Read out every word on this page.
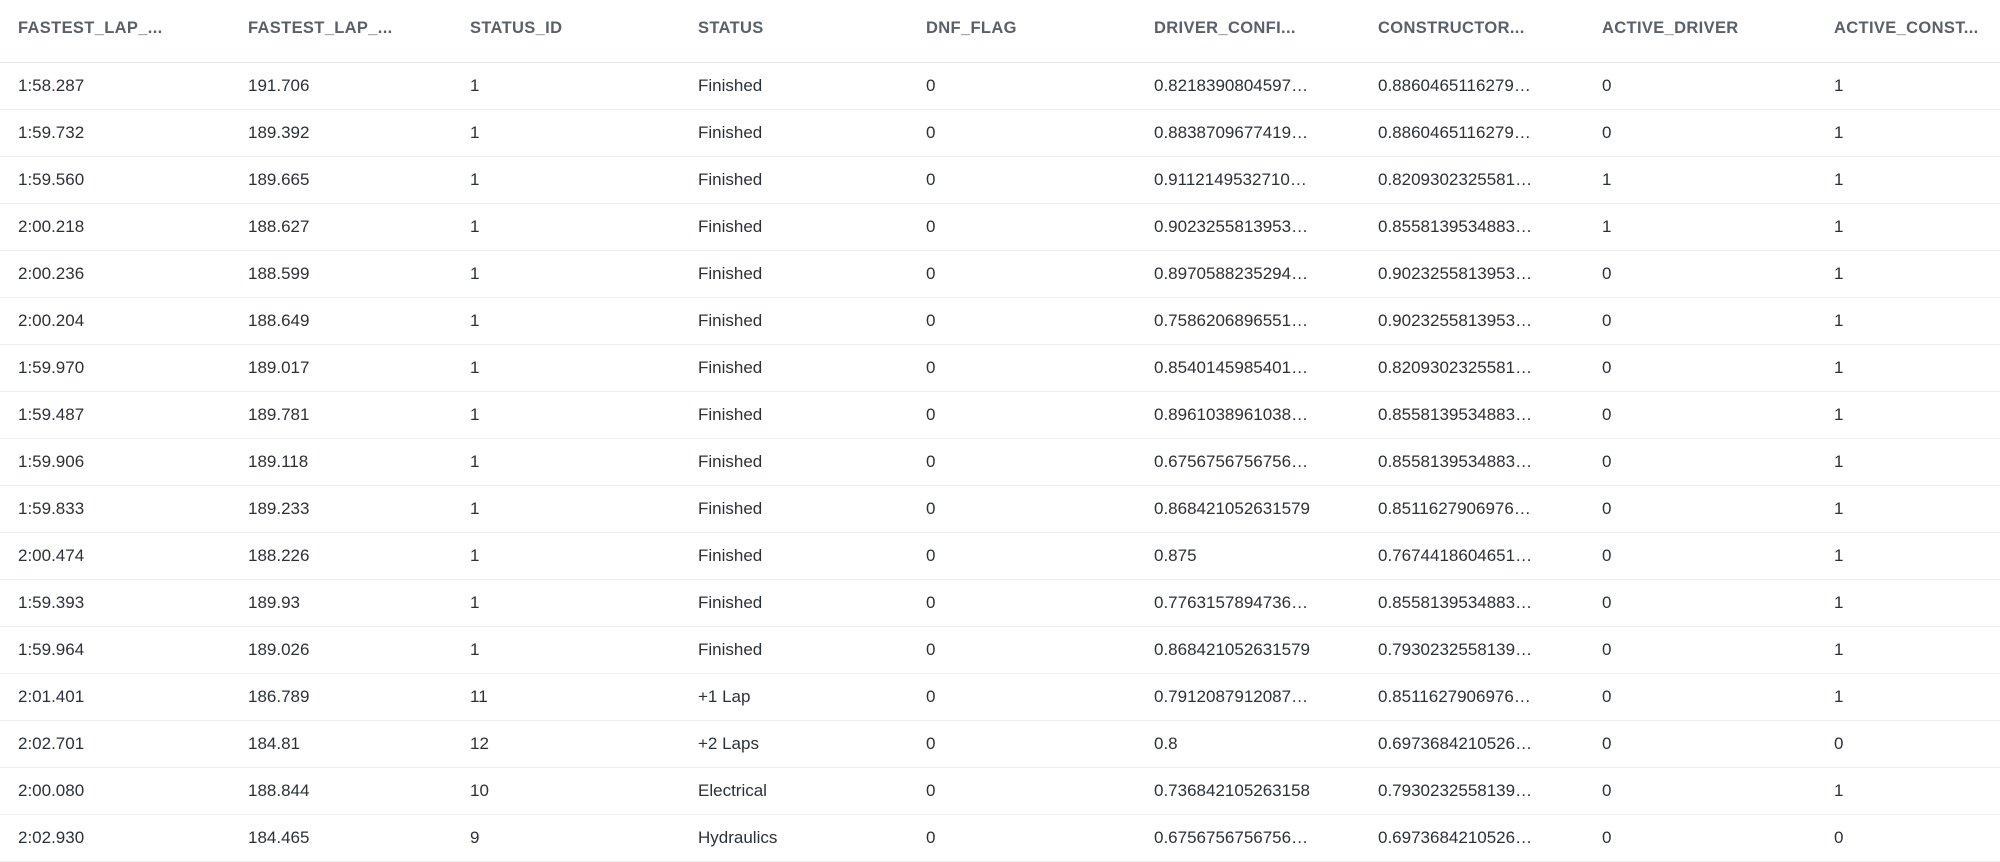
FASTEST_LAP_...	FASTEST_LAP_...	STATUS_ID	STATUS	DNF_FLAG	DRIVER_CONFI...	CONSTRUCTOR...	ACTIVE_DRIVER	ACTIVE_CONST...

1:58.287	191.706	1	Finished	0	0.8218390804597…	0.8860465116279…	0	1

1:59.732	189.392	1	Finished	0	0.8838709677419…	0.8860465116279…	0	1

1:59.560	189.665	1	Finished	0	0.9112149532710…	0.8209302325581…	1	1

2:00.218	188.627	1	Finished	0	0.9023255813953…	0.8558139534883…	1	1

2:00.236	188.599	1	Finished	0	0.8970588235294…	0.9023255813953…	0	1

2:00.204	188.649	1	Finished	0	0.7586206896551…	0.9023255813953…	0	1

1:59.970	189.017	1	Finished	0	0.8540145985401…	0.8209302325581…	0	1

1:59.487	189.781	1	Finished	0	0.8961038961038…	0.8558139534883…	0	1

1:59.906	189.118	1	Finished	0	0.6756756756756…	0.8558139534883…	0	1

1:59.833	189.233	1	Finished	0	0.868421052631579	0.8511627906976…	0	1

2:00.474	188.226	1	Finished	0	0.875	0.7674418604651…	0	1

1:59.393	189.93	1	Finished	0	0.7763157894736…	0.8558139534883…	0	1

1:59.964	189.026	1	Finished	0	0.868421052631579	0.7930232558139…	0	1

2:01.401	186.789	11	+1 Lap	0	0.7912087912087…	0.8511627906976…	0	1

2:02.701	184.81	12	+2 Laps	0	0.8	0.6973684210526…	0	0

2:00.080	188.844	10	Electrical	0	0.736842105263158	0.7930232558139…	0	1

2:02.930	184.465	9	Hydraulics	0	0.6756756756756…	0.6973684210526…	0	0
